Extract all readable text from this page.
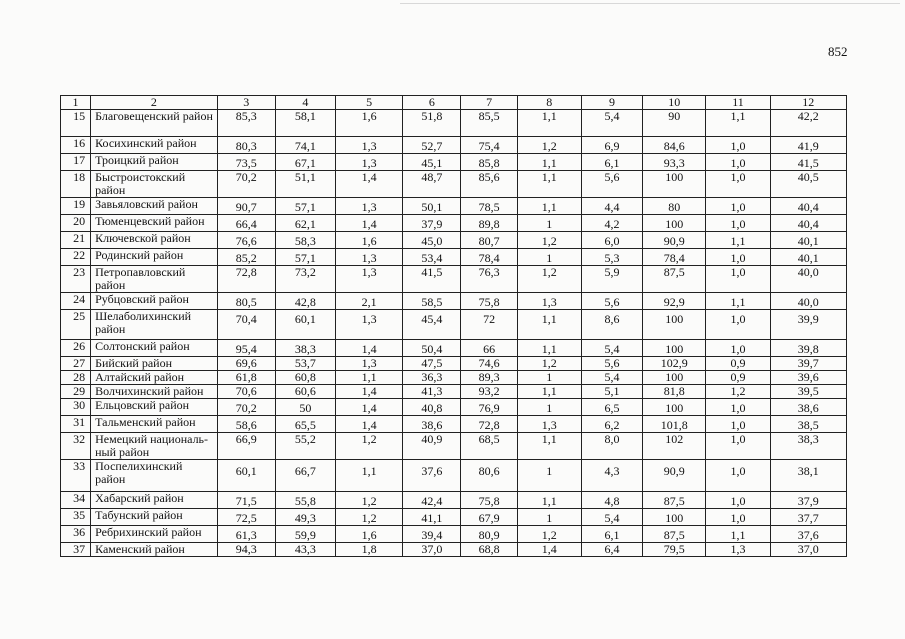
852
1	2	3	4	5	6	7	8	9	10	11	12
15	Благовещенский район	85,3	58,1	1,6	51,8	85,5	1,1	5,4	90	1,1	42,2
16	Косихинский район	80,3	74,1	1,3	52,7	75,4	1,2	6,9	84,6	1,0	41,9
17	Троицкий район	73,5	67,1	1,3	45,1	85,8	1,1	6,1	93,3	1,0	41,5
18	Быстроистокский район	70,2	51,1	1,4	48,7	85,6	1,1	5,6	100	1,0	40,5
19	Завьяловский район	90,7	57,1	1,3	50,1	78,5	1,1	4,4	80	1,0	40,4
20	Тюменцевский район	66,4	62,1	1,4	37,9	89,8	1	4,2	100	1,0	40,4
21	Ключевской район	76,6	58,3	1,6	45,0	80,7	1,2	6,0	90,9	1,1	40,1
22	Родинский район	85,2	57,1	1,3	53,4	78,4	1	5,3	78,4	1,0	40,1
23	Петропавловский район	72,8	73,2	1,3	41,5	76,3	1,2	5,9	87,5	1,0	40,0
24	Рубцовский район	80,5	42,8	2,1	58,5	75,8	1,3	5,6	92,9	1,1	40,0
25	Шелаболихинский район	70,4	60,1	1,3	45,4	72	1,1	8,6	100	1,0	39,9
26	Солтонский район	95,4	38,3	1,4	50,4	66	1,1	5,4	100	1,0	39,8
27	Бийский район	69,6	53,7	1,3	47,5	74,6	1,2	5,6	102,9	0,9	39,7
28	Алтайский район	61,8	60,8	1,1	36,3	89,3	1	5,4	100	0,9	39,6
29	Волчихинский район	70,6	60,6	1,4	41,3	93,2	1,1	5,1	81,8	1,2	39,5
30	Ельцовский район	70,2	50	1,4	40,8	76,9	1	6,5	100	1,0	38,6
31	Тальменский район	58,6	65,5	1,4	38,6	72,8	1,3	6,2	101,8	1,0	38,5
32	Немецкий националь-ный район	66,9	55,2	1,2	40,9	68,5	1,1	8,0	102	1,0	38,3
33	Поспелихинский район	60,1	66,7	1,1	37,6	80,6	1	4,3	90,9	1,0	38,1
34	Хабарский район	71,5	55,8	1,2	42,4	75,8	1,1	4,8	87,5	1,0	37,9
35	Табунский район	72,5	49,3	1,2	41,1	67,9	1	5,4	100	1,0	37,7
36	Ребрихинский район	61,3	59,9	1,6	39,4	80,9	1,2	6,1	87,5	1,1	37,6
37	Каменский район	94,3	43,3	1,8	37,0	68,8	1,4	6,4	79,5	1,3	37,0
